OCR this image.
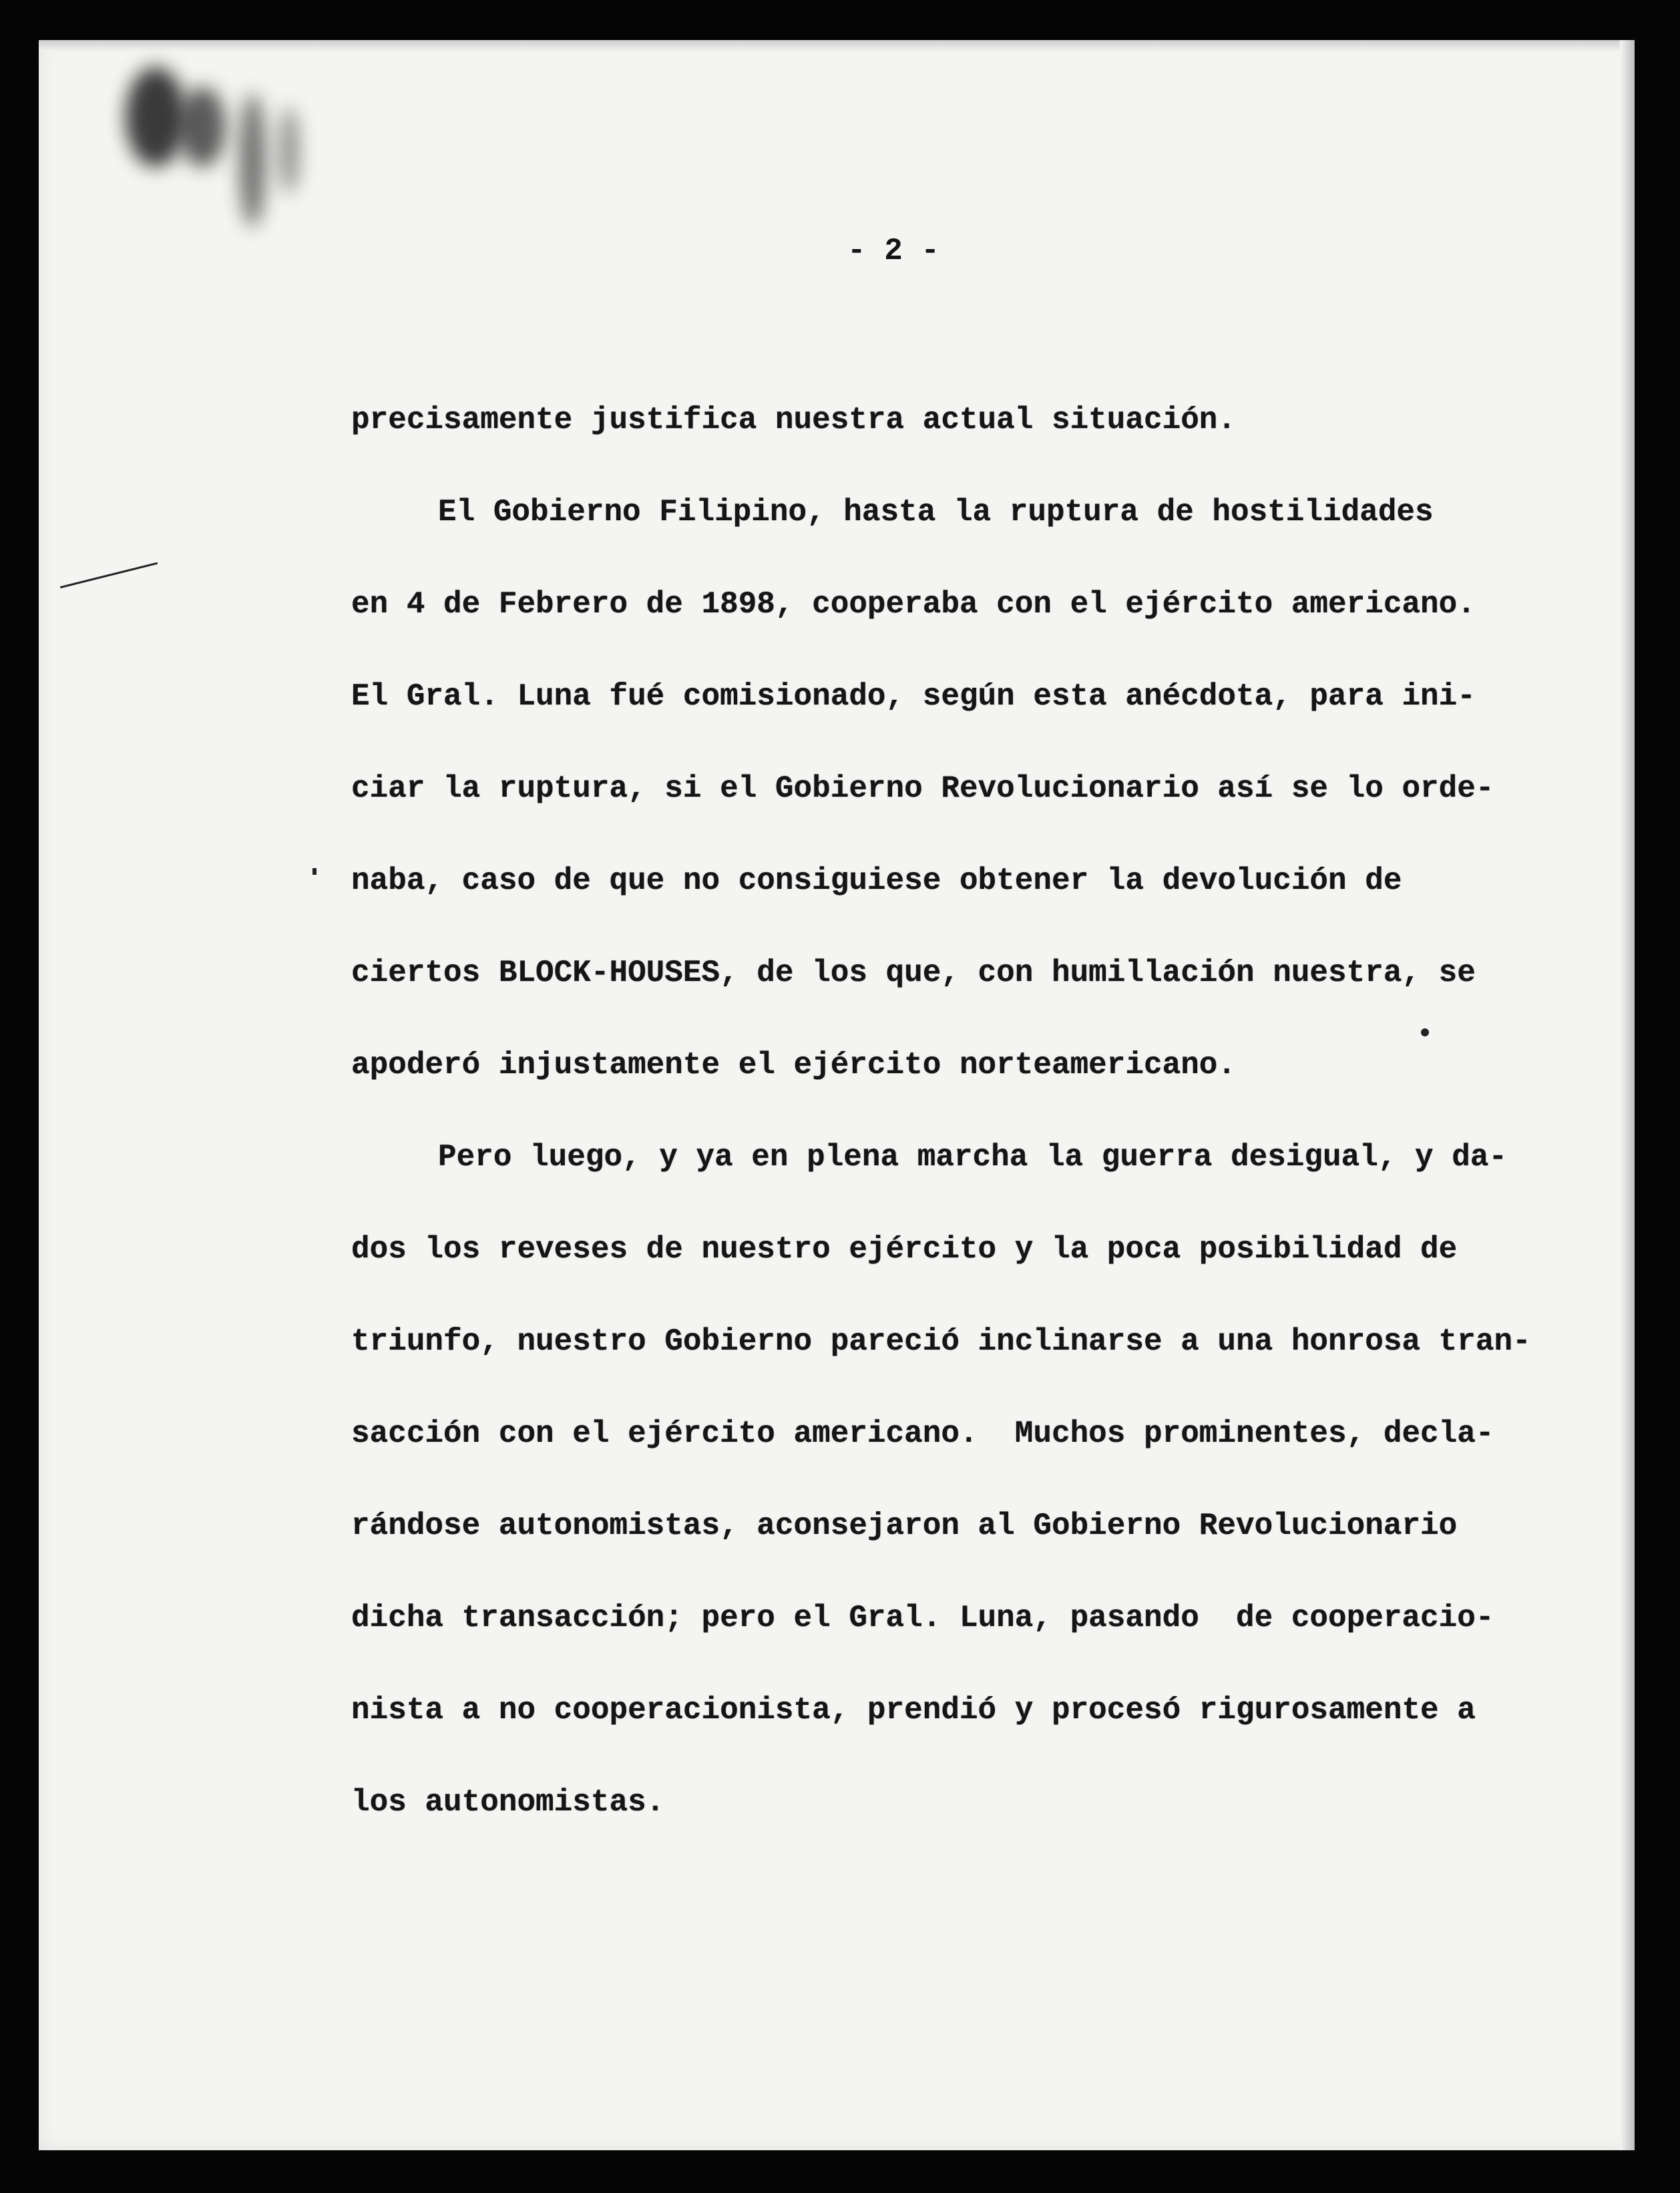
- 2 -
precisamente justifica nuestra actual situación.
El Gobierno Filipino, hasta la ruptura de hostilidades
en 4 de Febrero de 1898, cooperaba con el ejército americano.
El Gral. Luna fué comisionado, según esta anécdota, para ini-
ciar la ruptura, si el Gobierno Revolucionario así se lo orde-
naba, caso de que no consiguiese obtener la devolución de
ciertos BLOCK-HOUSES, de los que, con humillación nuestra, se
apoderó injustamente el ejército norteamericano.
Pero luego, y ya en plena marcha la guerra desigual, y da-
dos los reveses de nuestro ejército y la poca posibilidad de
triunfo, nuestro Gobierno pareció inclinarse a una honrosa tran-
sacción con el ejército americano.  Muchos prominentes, decla-
rándose autonomistas, aconsejaron al Gobierno Revolucionario
dicha transacción; pero el Gral. Luna, pasando  de cooperacio-
nista a no cooperacionista, prendió y procesó rigurosamente a
los autonomistas.
